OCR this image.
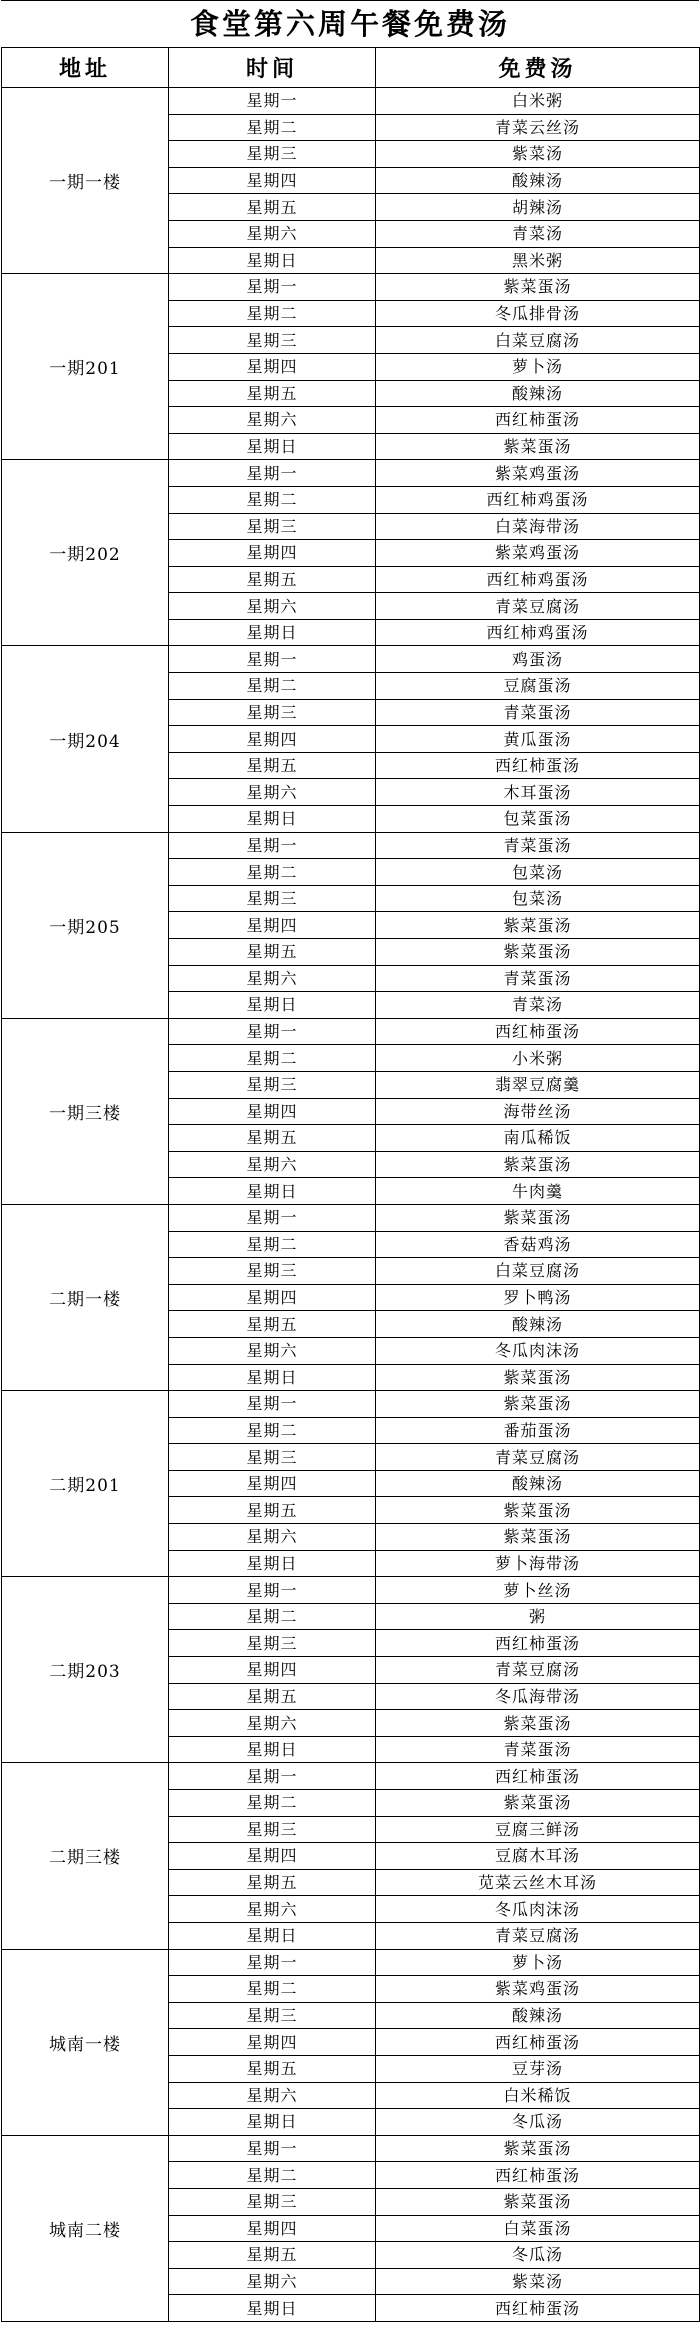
食堂第六周午餐免费汤
地址	时间	免费汤
一期一楼	星期一	白米粥
	星期二	青菜云丝汤
	星期三	紫菜汤
	星期四	酸辣汤
	星期五	胡辣汤
	星期六	青菜汤
	星期日	黑米粥
一期201	星期一	紫菜蛋汤
	星期二	冬瓜排骨汤
	星期三	白菜豆腐汤
	星期四	萝卜汤
	星期五	酸辣汤
	星期六	西红柿蛋汤
	星期日	紫菜蛋汤
一期202	星期一	紫菜鸡蛋汤
	星期二	西红柿鸡蛋汤
	星期三	白菜海带汤
	星期四	紫菜鸡蛋汤
	星期五	西红柿鸡蛋汤
	星期六	青菜豆腐汤
	星期日	西红柿鸡蛋汤
一期204	星期一	鸡蛋汤
	星期二	豆腐蛋汤
	星期三	青菜蛋汤
	星期四	黄瓜蛋汤
	星期五	西红柿蛋汤
	星期六	木耳蛋汤
	星期日	包菜蛋汤
一期205	星期一	青菜蛋汤
	星期二	包菜汤
	星期三	包菜汤
	星期四	紫菜蛋汤
	星期五	紫菜蛋汤
	星期六	青菜蛋汤
	星期日	青菜汤
一期三楼	星期一	西红柿蛋汤
	星期二	小米粥
	星期三	翡翠豆腐羹
	星期四	海带丝汤
	星期五	南瓜稀饭
	星期六	紫菜蛋汤
	星期日	牛肉羹
二期一楼	星期一	紫菜蛋汤
	星期二	香菇鸡汤
	星期三	白菜豆腐汤
	星期四	罗卜鸭汤
	星期五	酸辣汤
	星期六	冬瓜肉沫汤
	星期日	紫菜蛋汤
二期201	星期一	紫菜蛋汤
	星期二	番茄蛋汤
	星期三	青菜豆腐汤
	星期四	酸辣汤
	星期五	紫菜蛋汤
	星期六	紫菜蛋汤
	星期日	萝卜海带汤
二期203	星期一	萝卜丝汤
	星期二	粥
	星期三	西红柿蛋汤
	星期四	青菜豆腐汤
	星期五	冬瓜海带汤
	星期六	紫菜蛋汤
	星期日	青菜蛋汤
二期三楼	星期一	西红柿蛋汤
	星期二	紫菜蛋汤
	星期三	豆腐三鲜汤
	星期四	豆腐木耳汤
	星期五	苋菜云丝木耳汤
	星期六	冬瓜肉沫汤
	星期日	青菜豆腐汤
城南一楼	星期一	萝卜汤
	星期二	紫菜鸡蛋汤
	星期三	酸辣汤
	星期四	西红柿蛋汤
	星期五	豆芽汤
	星期六	白米稀饭
	星期日	冬瓜汤
城南二楼	星期一	紫菜蛋汤
	星期二	西红柿蛋汤
	星期三	紫菜蛋汤
	星期四	白菜蛋汤
	星期五	冬瓜汤
	星期六	紫菜汤
	星期日	西红柿蛋汤
